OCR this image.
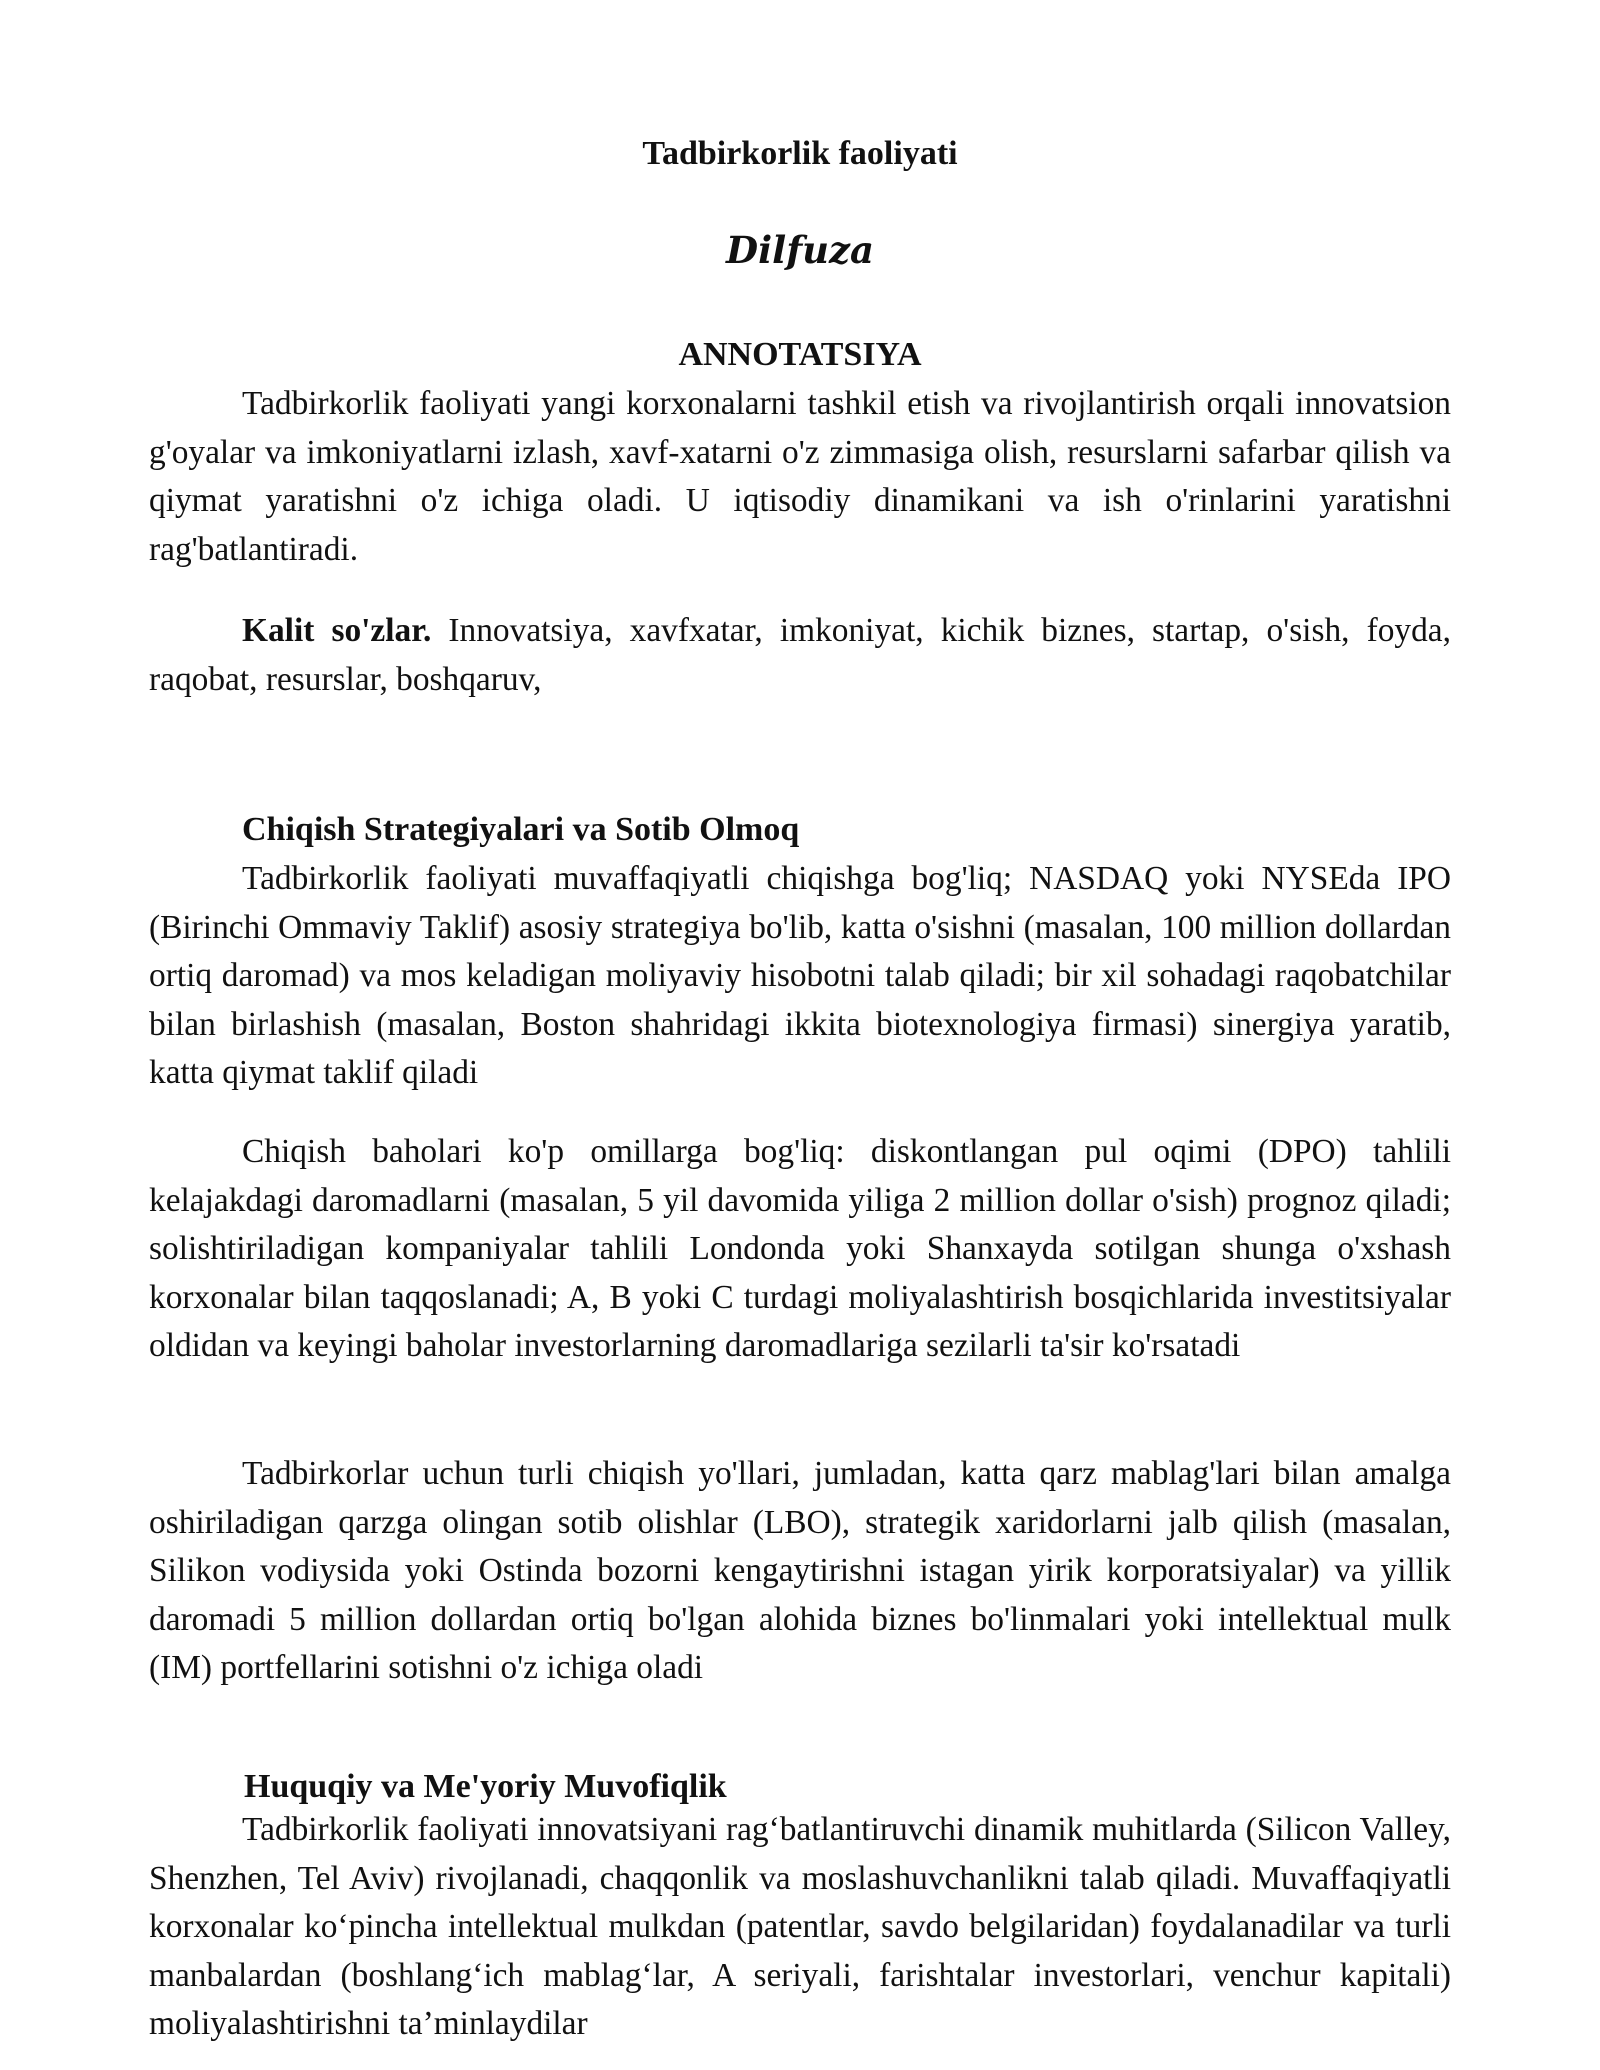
Tadbirkorlik faoliyati
Dilfuza
ANNOTATSIYA

Tadbirkorlik faoliyati yangi korxonalarni tashkil etish va rivojlantirish orqali innovatsion g'oyalar va imkoniyatlarni izlash, xavf-xatarni o'z zimmasiga olish, resurslarni safarbar qilish va qiymat yaratishni o'z ichiga oladi. U iqtisodiy dinamikani va ish o'rinlarini yaratishni rag'batlantiradi.

Kalit so'zlar. Innovatsiya, xavfxatar, imkoniyat, kichik biznes, startap, o'sish, foyda, raqobat, resurslar, boshqaruv,

Chiqish Strategiyalari va Sotib Olmoq

Tadbirkorlik faoliyati muvaffaqiyatli chiqishga bog'liq; NASDAQ yoki NYSEda IPO (Birinchi Ommaviy Taklif) asosiy strategiya bo'lib, katta o'sishni (masalan, 100 million dollardan ortiq daromad) va mos keladigan moliyaviy hisobotni talab qiladi; bir xil sohadagi raqobatchilar bilan birlashish (masalan, Boston shahridagi ikkita biotexnologiya firmasi) sinergiya yaratib, katta qiymat taklif qiladi

Chiqish baholari ko'p omillarga bog'liq: diskontlangan pul oqimi (DPO) tahlili kelajakdagi daromadlarni (masalan, 5 yil davomida yiliga 2 million dollar o'sish) prognoz qiladi; solishtiriladigan kompaniyalar tahlili Londonda yoki Shanxayda sotilgan shunga o'xshash korxonalar bilan taqqoslanadi; A, B yoki C turdagi moliyalashtirish bosqichlarida investitsiyalar oldidan va keyingi baholar investorlarning daromadlariga sezilarli ta'sir ko'rsatadi

Tadbirkorlar uchun turli chiqish yo'llari, jumladan, katta qarz mablag'lari bilan amalga oshiriladigan qarzga olingan sotib olishlar (LBO), strategik xaridorlarni jalb qilish (masalan, Silikon vodiysida yoki Ostinda bozorni kengaytirishni istagan yirik korporatsiyalar) va yillik daromadi 5 million dollardan ortiq bo'lgan alohida biznes bo'linmalari yoki intellektual mulk (IM) portfellarini sotishni o'z ichiga oladi

Huquqiy va Me'yoriy Muvofiqlik

Tadbirkorlik faoliyati innovatsiyani rag‘batlantiruvchi dinamik muhitlarda (Silicon Valley, Shenzhen, Tel Aviv) rivojlanadi, chaqqonlik va moslashuvchanlikni talab qiladi. Muvaffaqiyatli korxonalar ko‘pincha intellektual mulkdan (patentlar, savdo belgilaridan) foydalanadilar va turli manbalardan (boshlang‘ich mablag‘lar, A seriyali, farishtalar investorlari, venchur kapitali) moliyalashtirishni ta’minlaydilar
